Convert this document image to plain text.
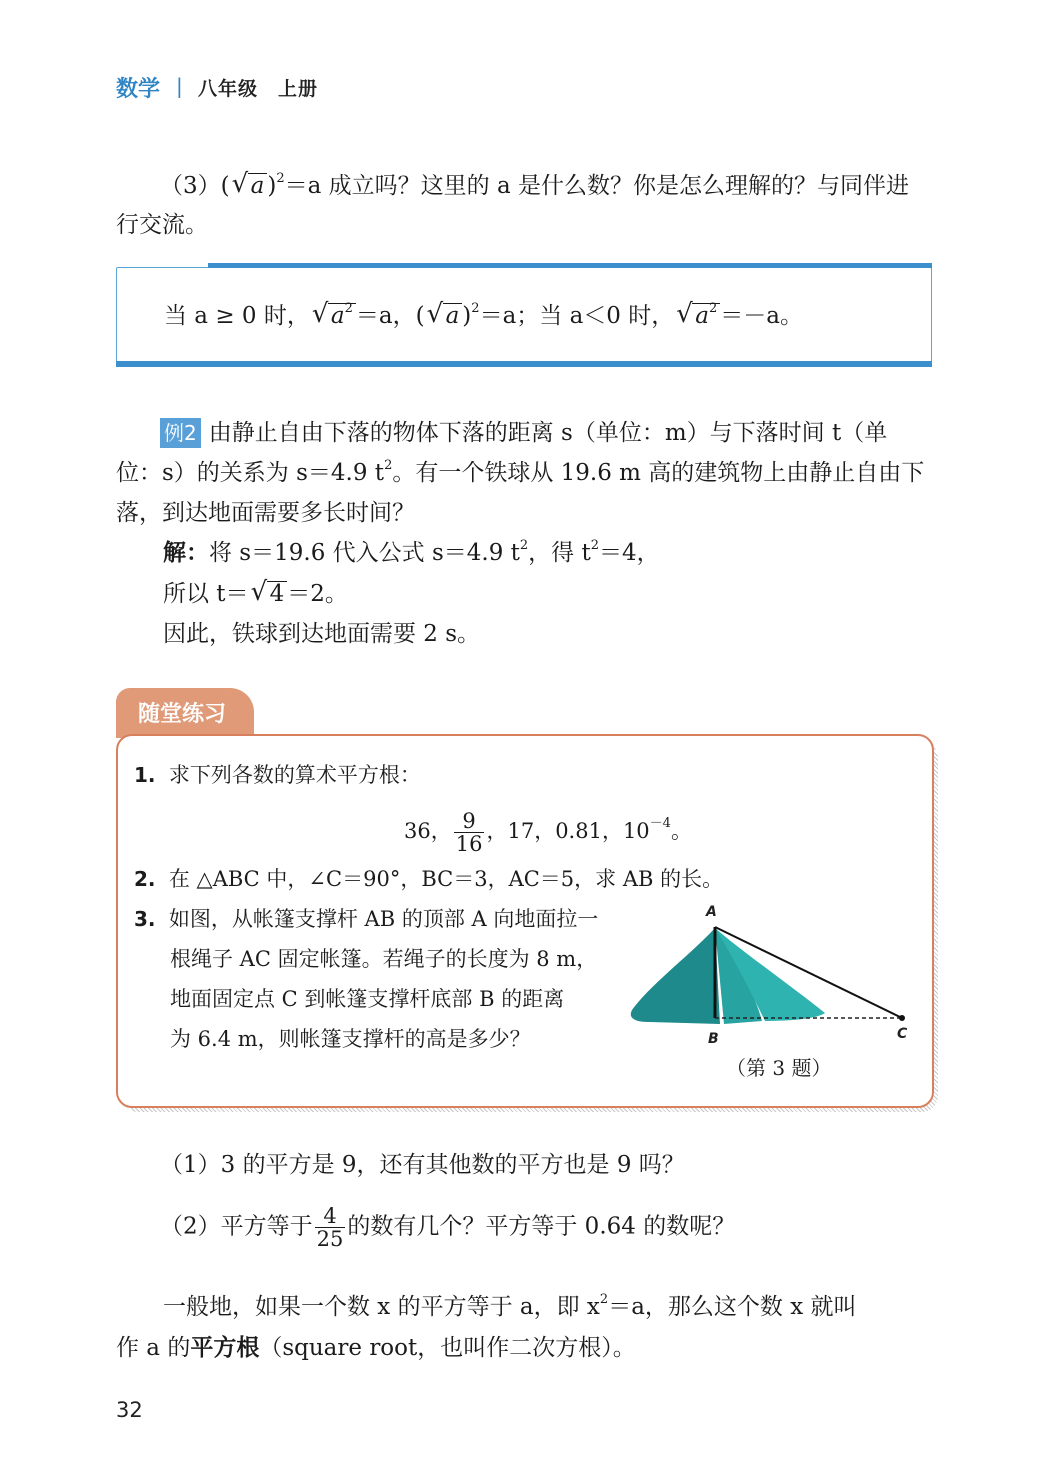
数学 | 八年级　上册
（3）( √ a )$^2$＝a 成立吗？这里的 a 是什么数？你是怎么理解的？与同伴进
行交流。
当 a ≥ 0 时， √ $a^2 =a$，( √ a )$^2$＝a；当 a＜0 时， √ $a^2 =-a$。
例2 由静止自由下落的物体下落的距离 s（单位：m）与下落时间 t（单
位：s）的关系为 s＝4.9 $t^2$。有一个铁球从 19.6 m 高的建筑物上由静止自由下
落，到达地面需要多长时间？
解：将 s＝19.6 代入公式 s＝4.9 $t^2$，得 $t^2=4$，
所以 t＝ √ 4 ＝2。
因此，铁球到达地面需要 2 s。
随堂练习
1. 求下列各数的算术平方根：
36， $\frac{9}{16}$ ，17，0.81，$10^{-4}$。
2. 在 △ABC 中，∠C＝90°，BC＝3，AC＝5，求 AB 的长。
3. 如图，从帐篷支撑杆 AB 的顶部 A 向地面拉一
根绳子 AC 固定帐篷。若绳子的长度为 8 m，
地面固定点 C 到帐篷支撑杆底部 B 的距离
为 6.4 m，则帐篷支撑杆的高是多少？
A
B	C
（第 3 题）
（1）3 的平方是 9，还有其他数的平方也是 9 吗？
（2）平方等于 $\frac{4}{25}$ 的数有几个？平方等于 0.64 的数呢？
一般地，如果一个数 x 的平方等于 a，即 $x^2=a$，那么这个数 x 就叫
作 a 的平方根（square root，也叫作二次方根）。
32
